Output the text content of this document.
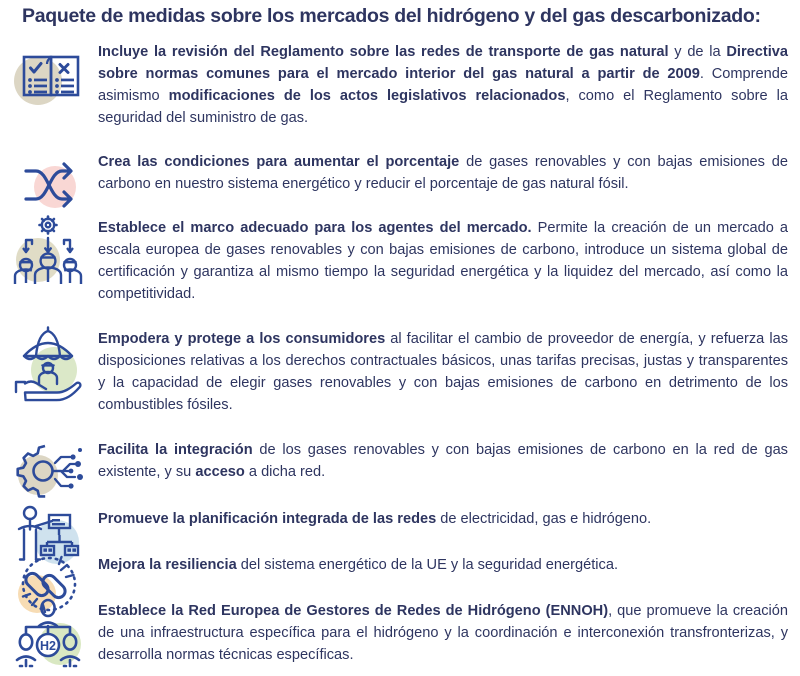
Paquete de medidas sobre los mercados del hidrógeno y del gas descarbonizado:
Incluye la revisión del Reglamento sobre las redes de transporte de gas natural y de la Directiva sobre normas comunes para el mercado interior del gas natural a partir de 2009. Comprende asimismo modificaciones de los actos legislativos relacionados, como el Reglamento sobre la seguridad del suministro de gas.
Crea las condiciones para aumentar el porcentaje de gases renovables y con bajas emisiones de carbono en nuestro sistema energético y reducir el porcentaje de gas natural fósil.
Establece el marco adecuado para los agentes del mercado. Permite la creación de un mercado a escala europea de gases renovables y con bajas emisiones de carbono, introduce un sistema global de certificación y garantiza al mismo tiempo la seguridad energética y la liquidez del mercado, así como la competitividad.
Empodera y protege a los consumidores al facilitar el cambio de proveedor de energía, y refuerza las disposiciones relativas a los derechos contractuales básicos, unas tarifas precisas, justas y transparentes y la capacidad de elegir gases renovables y con bajas emisiones de carbono en detrimento de los combustibles fósiles.
Facilita la integración de los gases renovables y con bajas emisiones de carbono en la red de gas existente, y su acceso a dicha red.
Promueve la planificación integrada de las redes de electricidad, gas e hidrógeno.
Mejora la resiliencia del sistema energético de la UE y la seguridad energética.
H2
Establece la Red Europea de Gestores de Redes de Hidrógeno (ENNOH), que promueve la creación de una infraestructura específica para el hidrógeno y la coordinación e interconexión transfronterizas, y desarrolla normas técnicas específicas.
